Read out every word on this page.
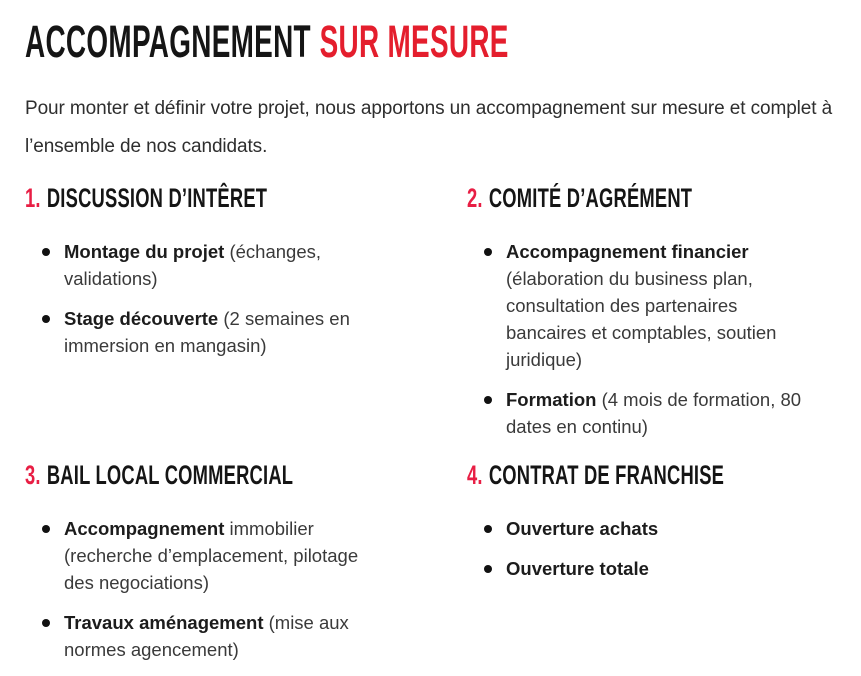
ACCOMPAGNEMENT SUR MESURE

Pour monter et définir votre projet, nous apportons un accompagnement sur mesure et complet à l’ensemble de nos candidats.

1. DISCUSSION D’INTÊRET
Montage du projet (échanges, validations)
Stage découverte (2 semaines en immersion en mangasin)
2. COMITÉ D’AGRÉMENT
Accompagnement financier (élaboration du business plan, consultation des partenaires bancaires et comptables, soutien juridique)
Formation (4 mois de formation, 80 dates en continu)
3. BAIL LOCAL COMMERCIAL
Accompagnement immobilier (recherche d’emplacement, pilotage des negociations)
Travaux aménagement (mise aux normes agencement)
4. CONTRAT DE FRANCHISE
Ouverture achats
Ouverture totale
